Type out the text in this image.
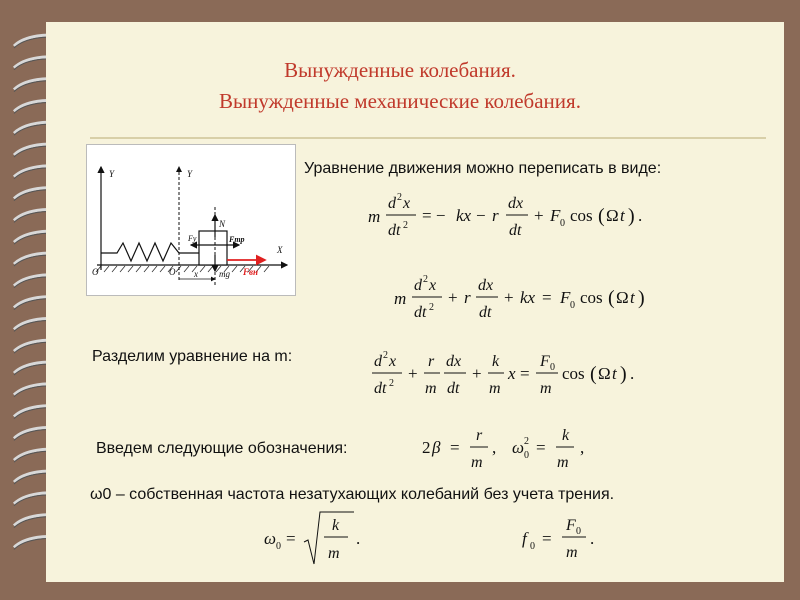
Вынужденные колебания.
Вынужденные механические колебания.
Y	Y
X
O	O x
N
Fу	Fтр
mg Fвн
Уравнение движения можно переписать в виде:
m
d 2 x
dt 2
= − kx − r
dx
dt
+ F 0 cos ( Ω t ) .
m
d 2 x
dt 2
+ r
dx
dt
+ kx = F 0 cos ( Ω t )
Разделим уравнение на m:	d 2 x
dt 2
+
r
m
dx
dt
+
k
m
x =
F 0
m
cos ( Ω t ) .
Введем следующие обозначения:	2 β =
r
m
, ω 0
2 =
k
m
,
ω0 – собственная частота незатухающих колебаний без учета трения.
ω 0 =
k
m
.	f 0 =
F 0
m
.
